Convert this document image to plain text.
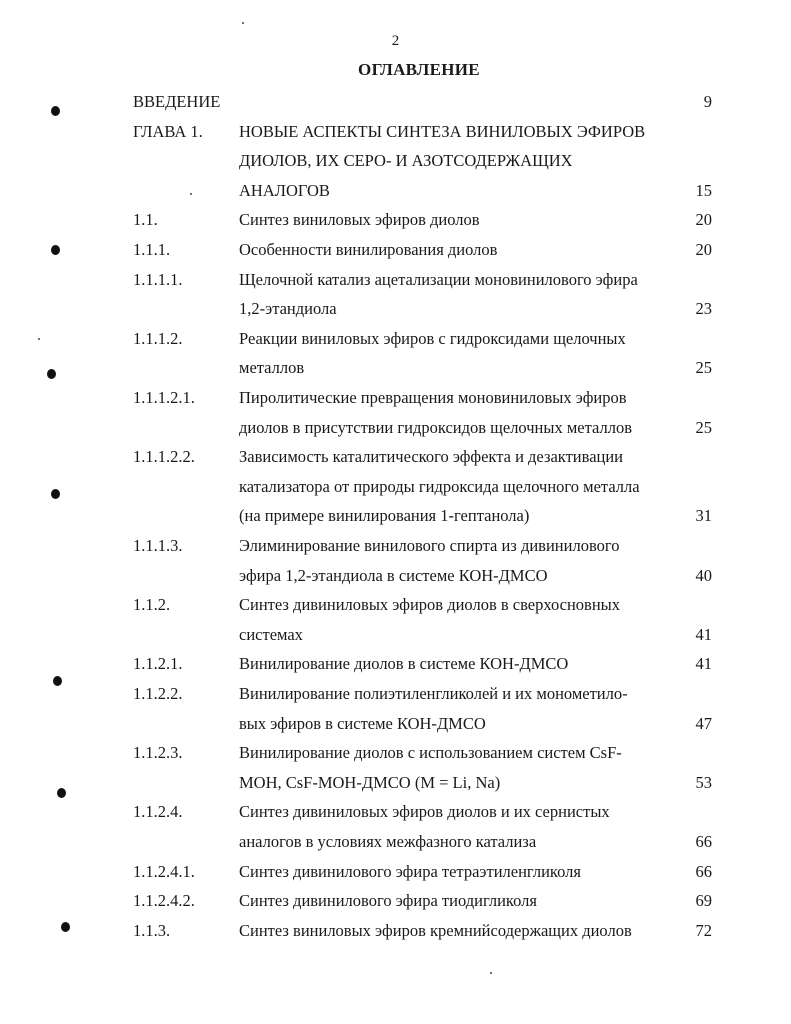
2
ОГЛАВЛЕНИЕ
ВВЕДЕНИЕ	9
ГЛАВА 1. НОВЫЕ АСПЕКТЫ СИНТЕЗА ВИНИЛОВЫХ ЭФИРОВ
ДИОЛОВ, ИХ СЕРО- И АЗОТСОДЕРЖАЩИХ
АНАЛОГОВ	15
1.1.	Синтез виниловых эфиров диолов	20
1.1.1.	Особенности винилирования диолов	20
1.1.1.1.	Щелочной катализ ацетализации моновинилового эфира
1,2-этандиола	23
1.1.1.2.	Реакции виниловых эфиров с гидроксидами щелочных
металлов	25
1.1.1.2.1.	Пиролитические превращения моновиниловых эфиров
диолов в присутствии гидроксидов щелочных металлов	25
1.1.1.2.2.	Зависимость каталитического эффекта и дезактивации
катализатора от природы гидроксида щелочного металла
(на примере винилирования 1-гептанола)	31
1.1.1.3.	Элиминирование винилового спирта из дивинилового
эфира 1,2-этандиола в системе КОН-ДМСО	40
1.1.2.	Синтез дивиниловых эфиров диолов в сверхосновных
системах	41
1.1.2.1.	Винилирование диолов в системе КОН-ДМСО	41
1.1.2.2.	Винилирование полиэтиленгликолей и их монометило-
вых эфиров в системе КОН-ДМСО	47
1.1.2.3.	Винилирование диолов с использованием систем CsF-
МОН, CsF-МОН-ДМСО (М = Li, Na)	53
1.1.2.4.	Синтез дивиниловых эфиров диолов и их сернистых
аналогов в условиях межфазного катализа	66
1.1.2.4.1.	Синтез дивинилового эфира тетраэтиленгликоля	66
1.1.2.4.2.	Синтез дивинилового эфира тиодигликоля	69
1.1.3.	Синтез виниловых эфиров кремнийсодержащих диолов	72
